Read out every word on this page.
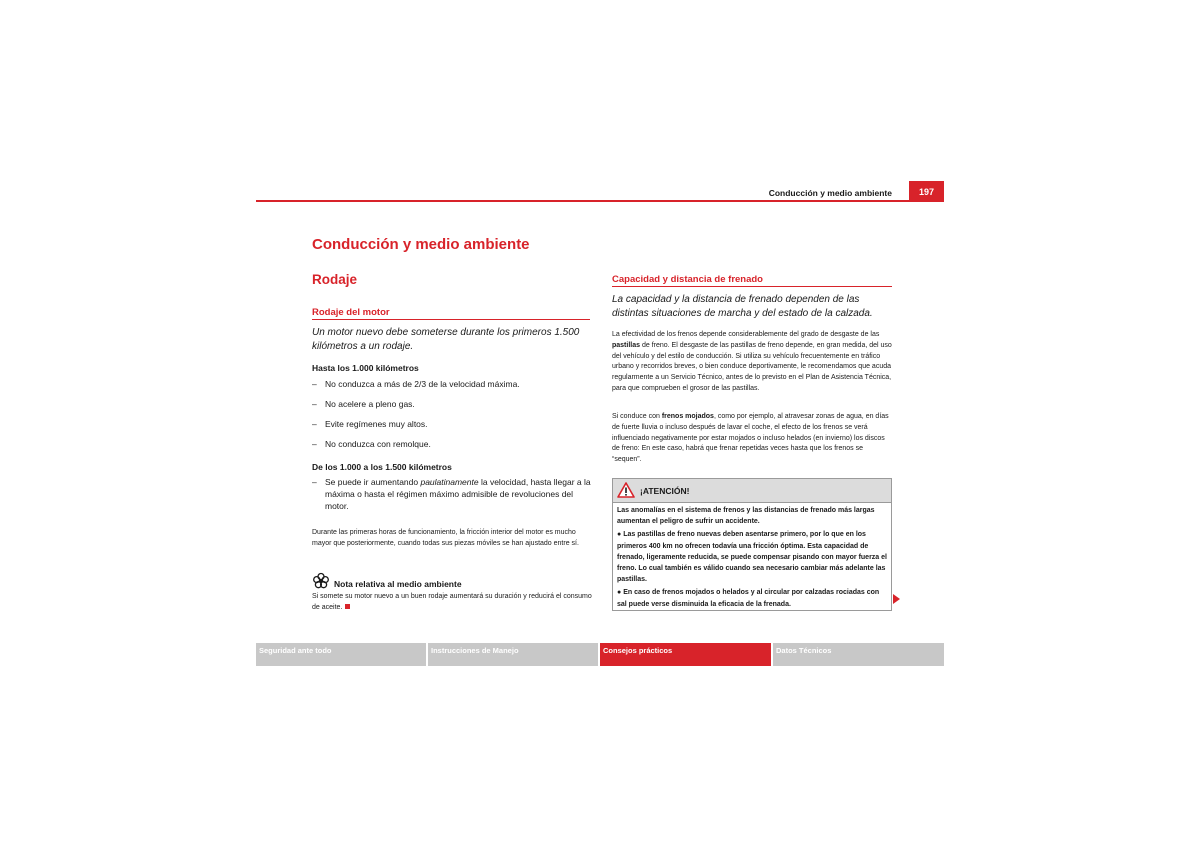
Conducción y medio ambiente	197
Conducción y medio ambiente
Rodaje
Rodaje del motor
Un motor nuevo debe someterse durante los primeros 1.500
kilómetros a un rodaje.
Hasta los 1.000 kilómetros
– No conduzca a más de 2/3 de la velocidad máxima.
– No acelere a pleno gas.
– Evite regímenes muy altos.
– No conduzca con remolque.
De los 1.000 a los 1.500 kilómetros
– Se puede ir aumentando paulatinamente la velocidad, hasta llegar a la máxima o hasta el régimen máximo admisible de revoluciones del motor.
Durante las primeras horas de funcionamiento, la fricción interior del motor es mucho mayor que posteriormente, cuando todas sus piezas móviles se han ajustado entre sí.
Nota relativa al medio ambiente
Si somete su motor nuevo a un buen rodaje aumentará su duración y reducirá el consumo de aceite.
Capacidad y distancia de frenado
La capacidad y la distancia de frenado dependen de las
distintas situaciones de marcha y del estado de la calzada.
La efectividad de los frenos depende considerablemente del grado de desgaste de las pastillas de freno. El desgaste de las pastillas de freno depende, en gran medida, del uso del vehículo y del estilo de conducción. Si utiliza su vehículo frecuentemente en tráfico urbano y recorridos breves, o bien conduce deportivamente, le recomendamos que acuda regularmente a un Servicio Técnico, antes de lo previsto en el Plan de Asistencia Técnica, para que comprueben el grosor de las pastillas.
Si conduce con frenos mojados, como por ejemplo, al atravesar zonas de agua, en días de fuerte lluvia o incluso después de lavar el coche, el efecto de los frenos se verá influenciado negativamente por estar mojados o incluso helados (en invierno) los discos de freno: En este caso, habrá que frenar repetidas veces hasta que los frenos se “sequen”.
¡ATENCIÓN!

Las anomalías en el sistema de frenos y las distancias de frenado más largas aumentan el peligro de sufrir un accidente.

● Las pastillas de freno nuevas deben asentarse primero, por lo que en los primeros 400 km no ofrecen todavía una fricción óptima. Esta capacidad de frenado, ligeramente reducida, se puede compensar pisando con mayor fuerza el freno. Lo cual también es válido cuando sea necesario cambiar más adelante las pastillas.

● En caso de frenos mojados o helados y al circular por calzadas rociadas con sal puede verse disminuida la eficacia de la frenada.

Seguridad ante todo	Instrucciones de Manejo	Consejos prácticos	Datos Técnicos
